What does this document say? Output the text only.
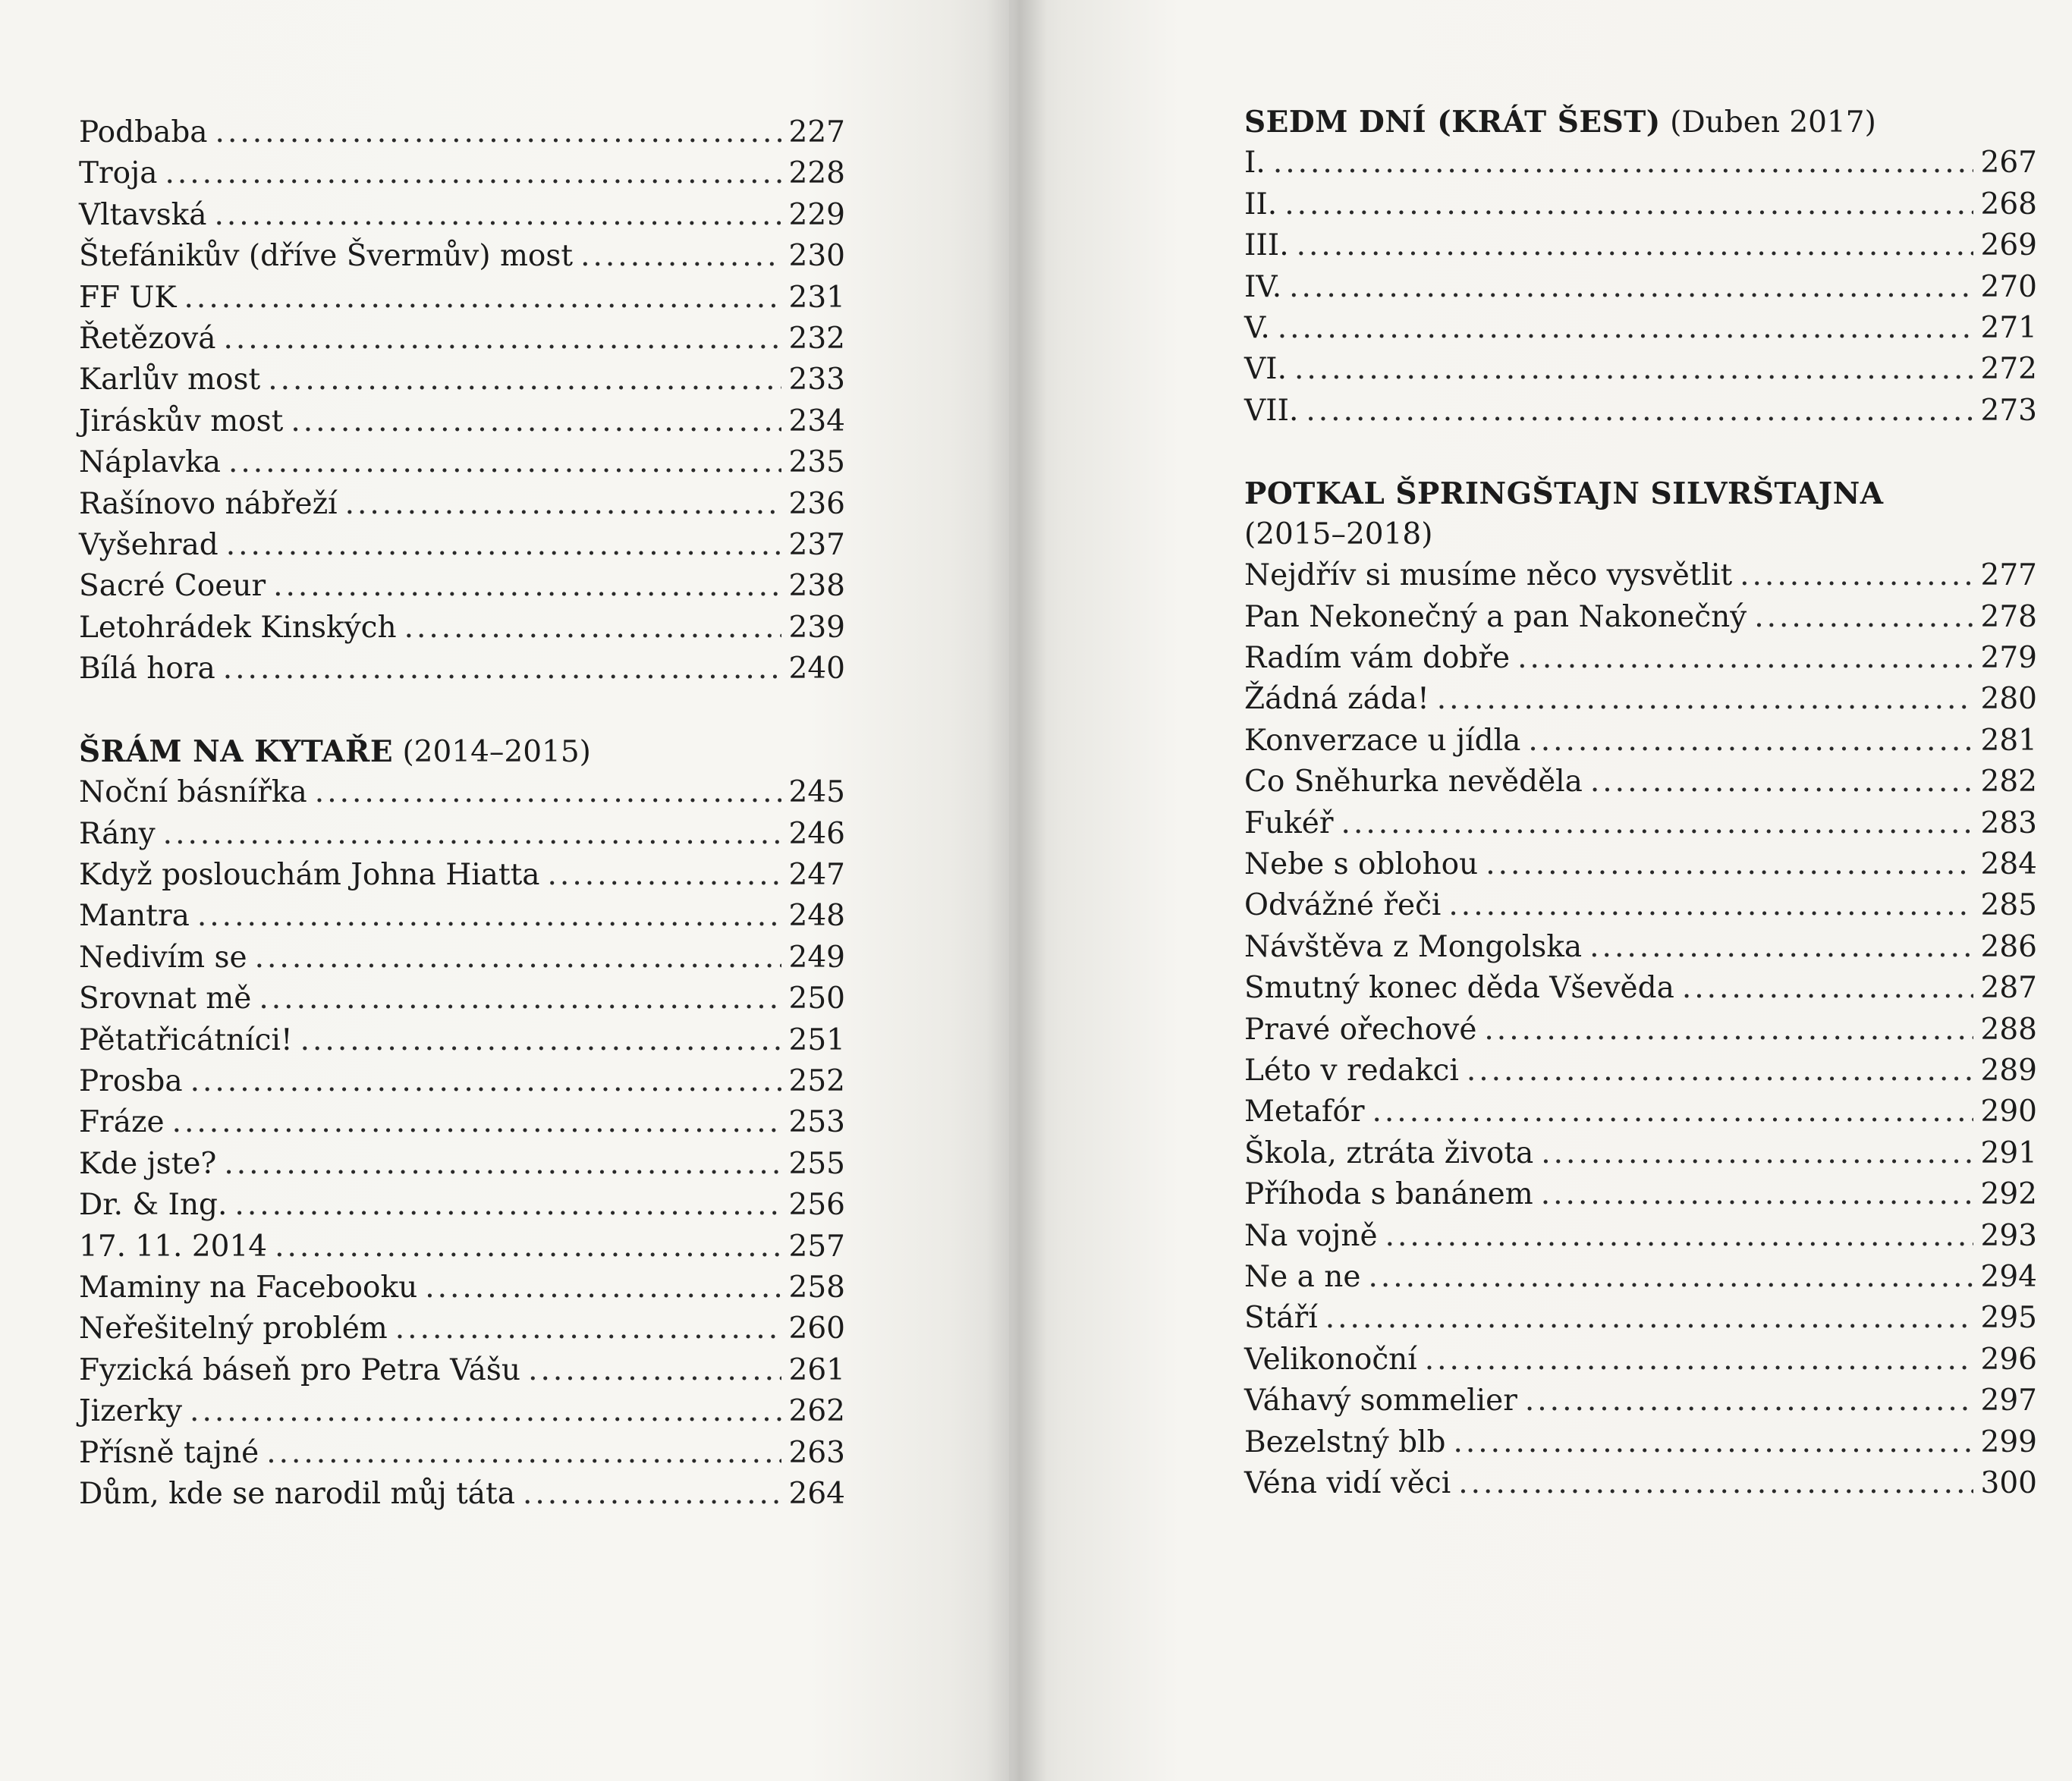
Podbaba .....	227
Troja .....	228
Vltavská .....	229
Štefánikův (dříve Švermův) most .....	230
FF UK .....	231
Řetězová .....	232
Karlův most .....	233
Jiráskův most .....	234
Náplavka .....	235
Rašínovo nábřeží .....	236
Vyšehrad .....	237
Sacré Coeur .....	238
Letohrádek Kinských .....	239
Bílá hora .....	240
ŠRÁM NA KYTAŘE (2014–2015)
Noční básnířka .....	245
Rány .....	246
Když poslouchám Johna Hiatta .....	247
Mantra .....	248
Nedivím se .....	249
Srovnat mě .....	250
Pětatřicátníci! .....	251
Prosba .....	252
Fráze .....	253
Kde jste? .....	255
Dr. & Ing. .....	256
17. 11. 2014 .....	257
Maminy na Facebooku .....	258
Neřešitelný problém .....	260
Fyzická báseň pro Petra Vášu .....	261
Jizerky .....	262
Přísně tajné .....	263
Dům, kde se narodil můj táta .....	264
SEDM DNÍ (KRÁT ŠEST) (Duben 2017)
I. .....	267
II. .....	268
III. .....	269
IV. .....	270
V. .....	271
VI. .....	272
VII. .....	273
POTKAL ŠPRINGŠTAJN SILVRŠTAJNA
(2015–2018)
Nejdřív si musíme něco vysvětlit .....	277
Pan Nekonečný a pan Nakonečný .....	278
Radím vám dobře .....	279
Žádná záda! .....	280
Konverzace u jídla .....	281
Co Sněhurka nevěděla .....	282
Fukéř .....	283
Nebe s oblohou .....	284
Odvážné řeči .....	285
Návštěva z Mongolska .....	286
Smutný konec děda Vševěda .....	287
Pravé ořechové .....	288
Léto v redakci .....	289
Metafór .....	290
Škola, ztráta života .....	291
Příhoda s banánem .....	292
Na vojně .....	293
Ne a ne .....	294
Stáří .....	295
Velikonoční .....	296
Váhavý sommelier .....	297
Bezelstný blb .....	299
Véna vidí věci .....	300
